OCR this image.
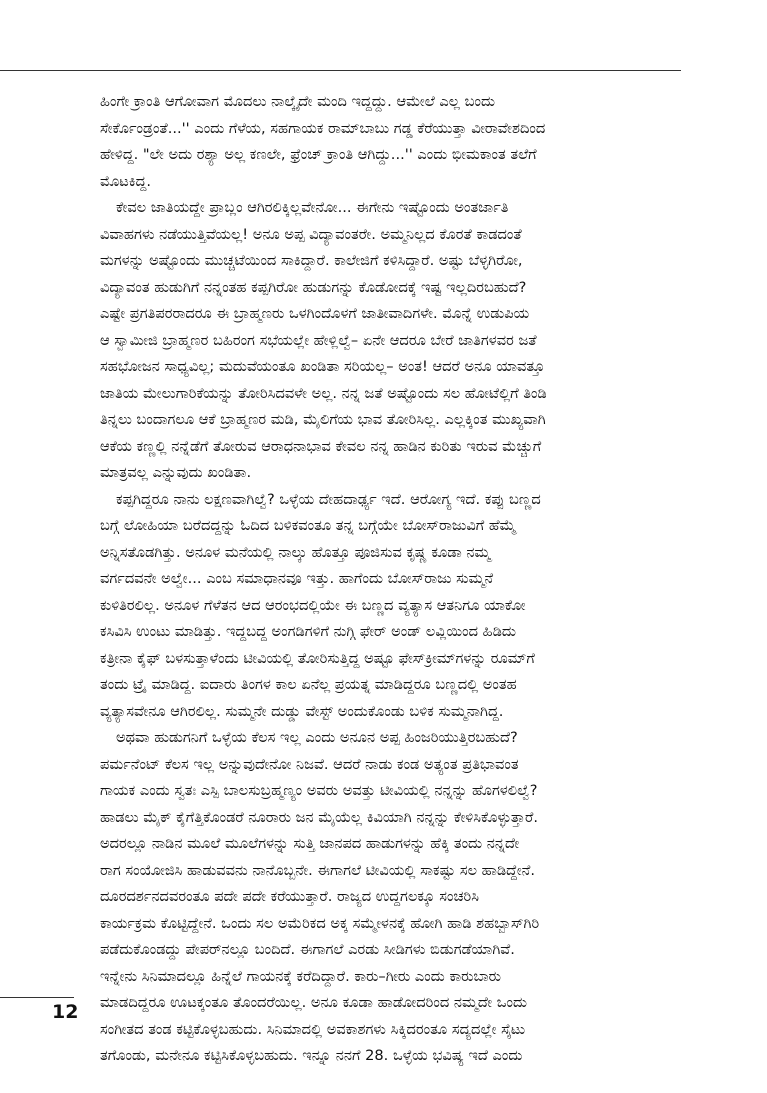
ಹಿಂಗೇ ಕ್ರಾಂತಿ ಆಗೋವಾಗ ಮೊದಲು ನಾಲ್ಕೈದೇ ಮಂದಿ ಇದ್ದದ್ದು. ಆಮೇಲೆ ಎಲ್ಲ ಬಂದು
ಸೇರ್ಕೊಂಡ್ರಂತೆ...'' ಎಂದು ಗೆಳೆಯ, ಸಹಗಾಯಕ ರಾಮ್‌ಬಾಬು ಗಡ್ಡ ಕೆರೆಯುತ್ತಾ ವೀರಾವೇಶದಿಂದ
ಹೇಳಿದ್ದ. "ಲೇ ಅದು ರಶ್ಯಾ ಅಲ್ಲ ಕಣಲೇ, ಫ್ರೆಂಚ್ ಕ್ರಾಂತಿ ಆಗಿದ್ದು...'' ಎಂದು ಭೀಮಕಾಂತ ತಲೆಗೆ
ಮೊಟಕಿದ್ದ.
ಕೇವಲ ಜಾತಿಯದ್ದೇ ಪ್ರಾಬ್ಲಂ ಆಗಿರಲಿಕ್ಕಿಲ್ಲವೇನೋ... ಈಗೇನು ಇಷ್ಟೊಂದು ಅಂತರ್ಜಾತಿ
ವಿವಾಹಗಳು ನಡೆಯುತ್ತಿವೆಯಲ್ಲ! ಅನೂ ಅಪ್ಪ ವಿದ್ಯಾವಂತರೇ. ಅಮ್ಮನಿಲ್ಲದ ಕೊರತೆ ಕಾಡದಂತೆ
ಮಗಳನ್ನು ಅಷ್ಟೊಂದು ಮುಚ್ಚಟೆಯಿಂದ ಸಾಕಿದ್ದಾರೆ. ಕಾಲೇಜಿಗೆ ಕಳಿಸಿದ್ದಾರೆ. ಅಷ್ಟು ಬೆಳ್ಳಗಿರೋ,
ವಿದ್ಯಾವಂತ ಹುಡುಗಿಗೆ ನನ್ನಂತಹ ಕಪ್ಪಗಿರೋ ಹುಡುಗನ್ನು ಕೊಡೋದಕ್ಕೆ ಇಷ್ಟ ಇಲ್ಲದಿರಬಹುದೆ?
ಎಷ್ಟೇ ಪ್ರಗತಿಪರರಾದರೂ ಈ ಬ್ರಾಹ್ಮಣರು ಒಳಗಿಂದೊಳಗೆ ಜಾತೀವಾದಿಗಳೇ. ಮೊನ್ನೆ ಉಡುಪಿಯ
ಆ ಸ್ವಾಮೀಜಿ ಬ್ರಾಹ್ಮಣರ ಬಹಿರಂಗ ಸಭೆಯಲ್ಲೇ ಹೇಳ್ಲಿಲ್ವೆ– ಏನೇ ಆದರೂ ಬೇರೆ ಜಾತಿಗಳವರ ಜತೆ
ಸಹಭೋಜನ ಸಾಧ್ಯವಿಲ್ಲ; ಮದುವೆಯಂತೂ ಖಂಡಿತಾ ಸರಿಯಲ್ಲ– ಅಂತ! ಆದರೆ ಅನೂ ಯಾವತ್ತೂ
ಜಾತಿಯ ಮೇಲುಗಾರಿಕೆಯನ್ನು ತೋರಿಸಿದವಳೇ ಅಲ್ಲ. ನನ್ನ ಜತೆ ಅಷ್ಟೊಂದು ಸಲ ಹೋಟೆಲ್ಲಿಗೆ ತಿಂಡಿ
ತಿನ್ನಲು ಬಂದಾಗಲೂ ಆಕೆ ಬ್ರಾಹ್ಮಣರ ಮಡಿ, ಮೈಲಿಗೆಯ ಭಾವ ತೋರಿಸಿಲ್ಲ. ಎಲ್ಲಕ್ಕಿಂತ ಮುಖ್ಯವಾಗಿ
ಆಕೆಯ ಕಣ್ಣಲ್ಲಿ ನನ್ನೆಡೆಗೆ ತೋರುವ ಆರಾಧನಾಭಾವ ಕೇವಲ ನನ್ನ ಹಾಡಿನ ಕುರಿತು ಇರುವ ಮೆಚ್ಚುಗೆ
ಮಾತ್ರವಲ್ಲ ಎನ್ನುವುದು ಖಂಡಿತಾ.
ಕಪ್ಪಗಿದ್ದರೂ ನಾನು ಲಕ್ಷಣವಾಗಿಲ್ವೆ? ಒಳ್ಳೆಯ ದೇಹದಾರ್ಢ್ಯ ಇದೆ. ಆರೋಗ್ಯ ಇದೆ. ಕಪ್ಪು ಬಣ್ಣದ
ಬಗ್ಗೆ ಲೋಹಿಯಾ ಬರೆದದ್ದನ್ನು ಓದಿದ ಬಳಿಕವಂತೂ ತನ್ನ ಬಗ್ಗೆಯೇ ಬೋಸ್‌ರಾಜುವಿಗೆ ಹೆಮ್ಮೆ
ಅನ್ನಿಸತೊಡಗಿತ್ತು. ಅನೂಳ ಮನೆಯಲ್ಲಿ ನಾಲ್ಕು ಹೊತ್ತೂ ಪೂಜಿಸುವ ಕೃಷ್ಣ ಕೂಡಾ ನಮ್ಮ
ವರ್ಗದವನೇ ಅಲ್ವೇ... ಎಂಬ ಸಮಾಧಾನವೂ ಇತ್ತು. ಹಾಗೆಂದು ಬೋಸ್‌ರಾಜು ಸುಮ್ಮನೆ
ಕುಳಿತಿರಲಿಲ್ಲ. ಅನೂಳ ಗೆಳೆತನ ಆದ ಆರಂಭದಲ್ಲಿಯೇ ಈ ಬಣ್ಣದ ವ್ಯತ್ಯಾಸ ಆತನಿಗೂ ಯಾಕೋ
ಕಸಿವಿಸಿ ಉಂಟು ಮಾಡಿತ್ತು. ಇದ್ದಬದ್ದ ಅಂಗಡಿಗಳಿಗೆ ನುಗ್ಗಿ ಫೇರ್ ಅಂಡ್ ಲವ್ಲಿಯಿಂದ ಹಿಡಿದು
ಕತ್ರೀನಾ ಕೈಫ್ ಬಳಸುತ್ತಾಳೆಂದು ಟೀವಿಯಲ್ಲಿ ತೋರಿಸುತ್ತಿದ್ದ ಅಷ್ಟೂ ಫೇಸ್‌ಕ್ರೀಮ್‌ಗಳನ್ನು ರೂಮ್‌ಗೆ
ತಂದು ಟ್ರೈ ಮಾಡಿದ್ದ. ಐದಾರು ತಿಂಗಳ ಕಾಲ ಏನೆಲ್ಲ ಪ್ರಯತ್ನ ಮಾಡಿದ್ದರೂ ಬಣ್ಣದಲ್ಲಿ ಅಂತಹ
ವ್ಯತ್ಯಾಸವೇನೂ ಆಗಿರಲಿಲ್ಲ. ಸುಮ್ಮನೇ ದುಡ್ಡು ವೇಸ್ಟ್ ಅಂದುಕೊಂಡು ಬಳಿಕ ಸುಮ್ಮನಾಗಿದ್ದ.
ಅಥವಾ ಹುಡುಗನಿಗೆ ಒಳ್ಳೆಯ ಕೆಲಸ ಇಲ್ಲ ಎಂದು ಅನೂನ ಅಪ್ಪ ಹಿಂಜರಿಯುತ್ತಿರಬಹುದೆ?
ಪರ್ಮನೆಂಟ್ ಕೆಲಸ ಇಲ್ಲ ಅನ್ನುವುದೇನೋ ನಿಜವೆ. ಆದರೆ ನಾಡು ಕಂಡ ಅತ್ಯಂತ ಪ್ರತಿಭಾವಂತ
ಗಾಯಕ ಎಂದು ಸ್ವತಃ ಎಸ್ಪಿ ಬಾಲಸುಬ್ರಹ್ಮಣ್ಯಂ ಅವರು ಅವತ್ತು ಟೀವಿಯಲ್ಲಿ ನನ್ನನ್ನು ಹೊಗಳಲಿಲ್ವೆ?
ಹಾಡಲು ಮೈಕ್ ಕೈಗೆತ್ತಿಕೊಂಡರೆ ನೂರಾರು ಜನ ಮೈಯೆಲ್ಲ ಕಿವಿಯಾಗಿ ನನ್ನನ್ನು ಕೇಳಿಸಿಕೊಳ್ಳುತ್ತಾರೆ.
ಅದರಲ್ಲೂ ನಾಡಿನ ಮೂಲೆ ಮೂಲೆಗಳನ್ನು ಸುತ್ತಿ ಜಾನಪದ ಹಾಡುಗಳನ್ನು ಹೆಕ್ಕಿ ತಂದು ನನ್ನದೇ
ರಾಗ ಸಂಯೋಜಿಸಿ ಹಾಡುವವನು ನಾನೊಬ್ಬನೇ. ಈಗಾಗಲೆ ಟೀವಿಯಲ್ಲಿ ಸಾಕಷ್ಟು ಸಲ ಹಾಡಿದ್ದೇನೆ.
ದೂರದರ್ಶನದವರಂತೂ ಪದೇ ಪದೇ ಕರೆಯುತ್ತಾರೆ. ರಾಜ್ಯದ ಉದ್ದಗಲಕ್ಕೂ ಸಂಚರಿಸಿ
ಕಾರ್ಯಕ್ರಮ ಕೊಟ್ಟಿದ್ದೇನೆ. ಒಂದು ಸಲ ಅಮೆರಿಕದ ಅಕ್ಕ ಸಮ್ಮೇಳನಕ್ಕೆ ಹೋಗಿ ಹಾಡಿ ಶಹಬ್ಬಾಸ್‌ಗಿರಿ
ಪಡೆದುಕೊಂಡದ್ದು ಪೇಪರ್‌ನಲ್ಲೂ ಬಂದಿದೆ. ಈಗಾಗಲೆ ಎರಡು ಸೀಡಿಗಳು ಬಿಡುಗಡೆಯಾಗಿವೆ.
ಇನ್ನೇನು ಸಿನಿಮಾದಲ್ಲೂ ಹಿನ್ನೆಲೆ ಗಾಯನಕ್ಕೆ ಕರೆದಿದ್ದಾರೆ. ಕಾರು–ಗೀರು ಎಂದು ಕಾರುಬಾರು
ಮಾಡದಿದ್ದರೂ ಊಟಕ್ಕಂತೂ ತೊಂದರೆಯಿಲ್ಲ. ಅನೂ ಕೂಡಾ ಹಾಡೋದರಿಂದ ನಮ್ಮದೇ ಒಂದು
ಸಂಗೀತದ ತಂಡ ಕಟ್ಟಿಕೊಳ್ಳಬಹುದು. ಸಿನಿಮಾದಲ್ಲಿ ಅವಕಾಶಗಳು ಸಿಕ್ಕಿದರಂತೂ ಸದ್ಯದಲ್ಲೇ ಸೈಟು
ತಗೊಂಡು, ಮನೇನೂ ಕಟ್ಟಿಸಿಕೊಳ್ಳಬಹುದು. ಇನ್ನೂ ನನಗೆ 28. ಒಳ್ಳೆಯ ಭವಿಷ್ಯ ಇದೆ ಎಂದು
12
